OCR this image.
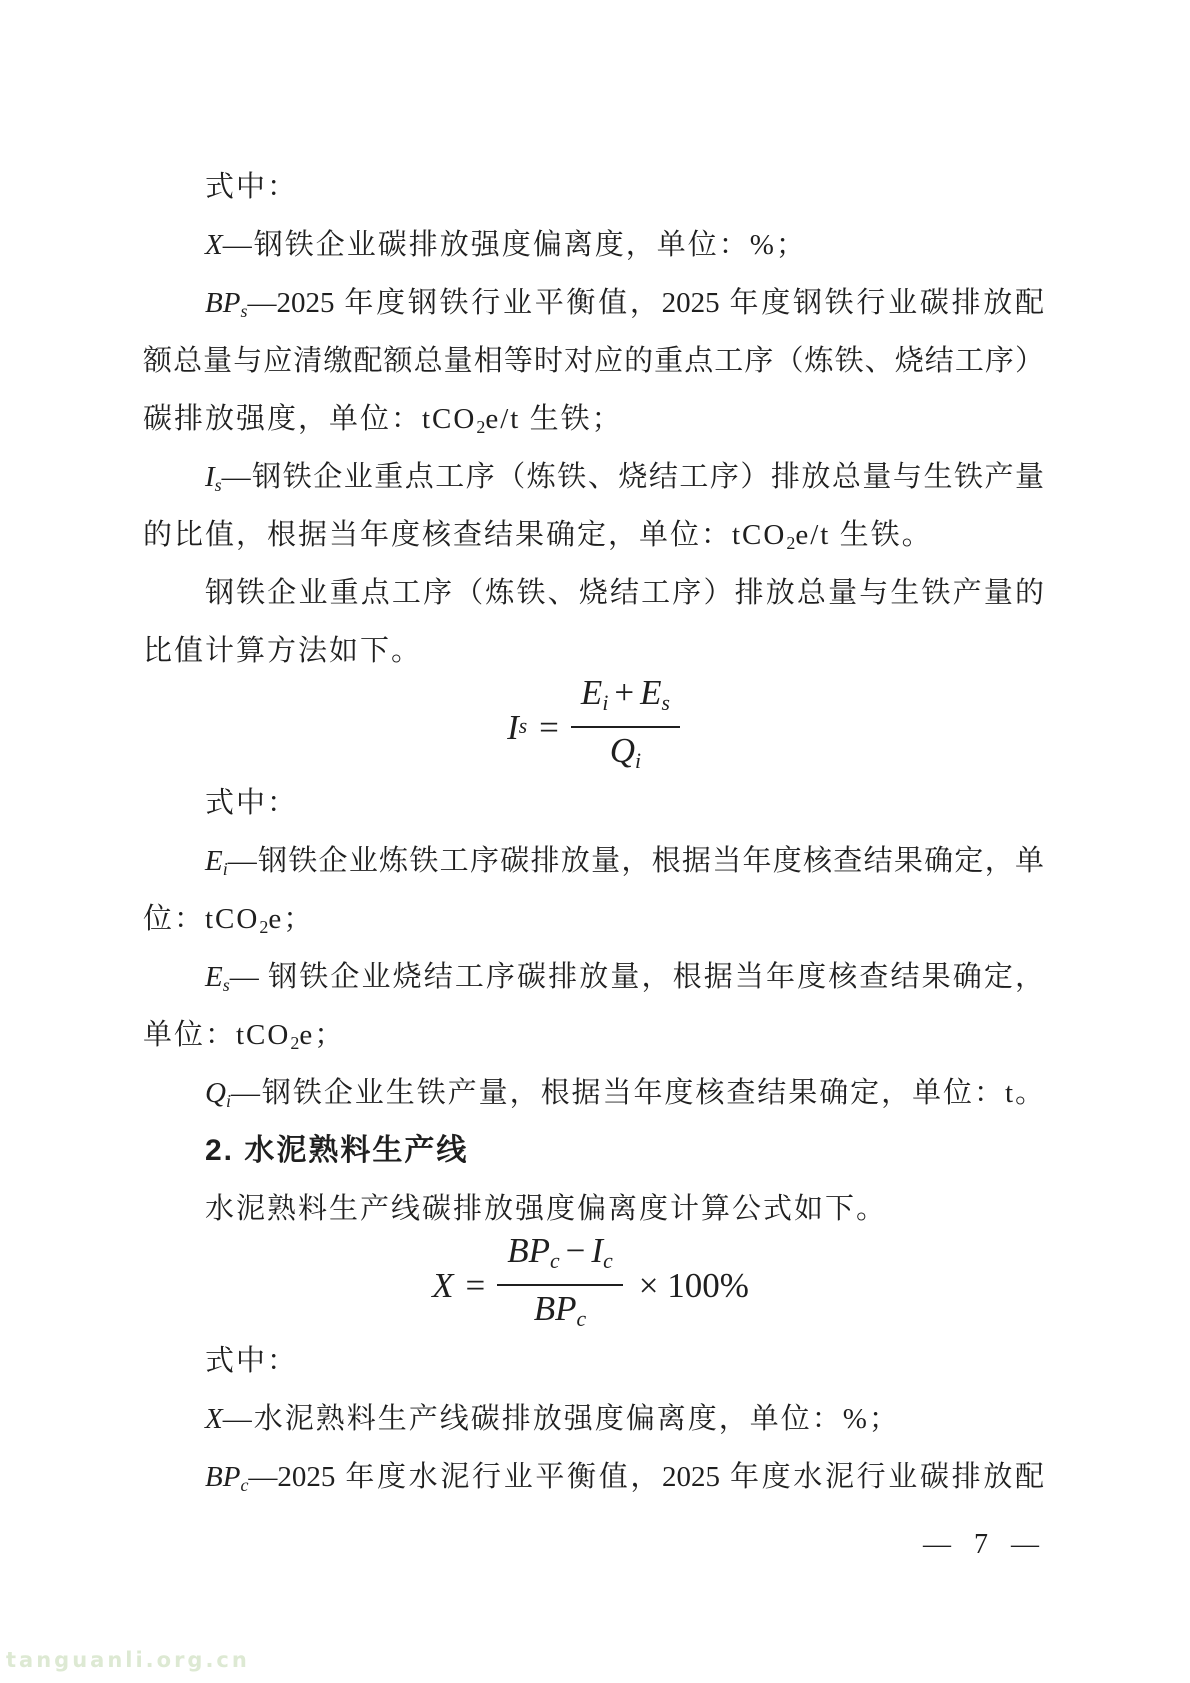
式中：
X—钢铁企业碳排放强度偏离度，单位：%；
BPs—2025 年度钢铁行业平衡值，2025 年度钢铁行业碳排放配
额总量与应清缴配额总量相等时对应的重点工序（炼铁、烧结工序）
碳排放强度，单位：tCO2e/t 生铁；
Is—钢铁企业重点工序（炼铁、烧结工序）排放总量与生铁产量
的比值，根据当年度核查结果确定，单位：tCO2e/t 生铁。
钢铁企业重点工序（炼铁、烧结工序）排放总量与生铁产量的
比值计算方法如下。
I $s = \frac{Ei + Es}{Qi}$
式中：
Ei—钢铁企业炼铁工序碳排放量，根据当年度核查结果确定，单
位：tCO2e；
Es— 钢铁企业烧结工序碳排放量，根据当年度核查结果确定，
单位：tCO2e；
Qi—钢铁企业生铁产量，根据当年度核查结果确定，单位：t。
2. 水泥熟料生产线
水泥熟料生产线碳排放强度偏离度计算公式如下。
$X = \frac{\text{BPc − Ic}}{\text{BPc}} \times 100\%$
式中：
X—水泥熟料生产线碳排放强度偏离度，单位：%；
BPc—2025 年度水泥行业平衡值，2025 年度水泥行业碳排放配
— 7 —
tanguanli.org.cn
